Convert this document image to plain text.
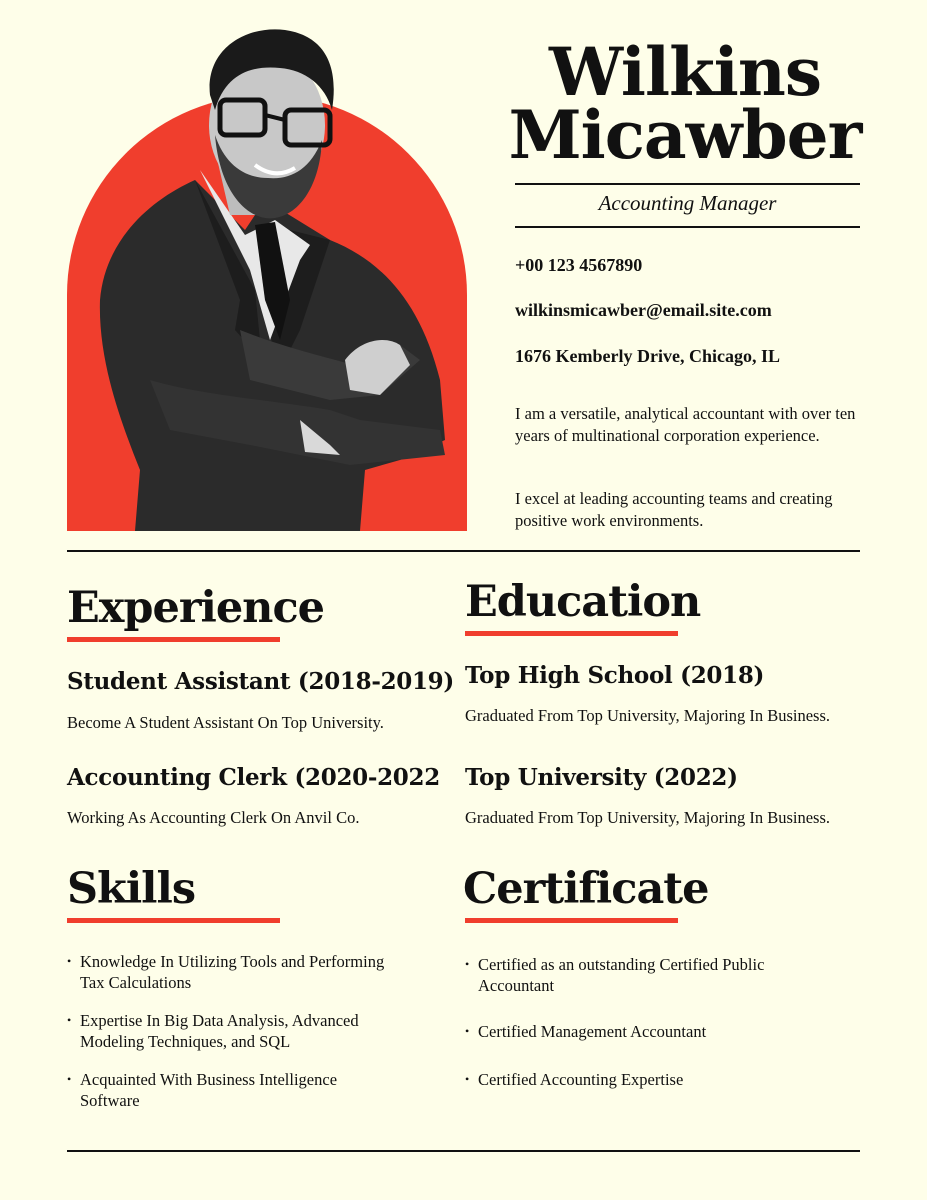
Wilkins
Micawber
Accounting Manager
+00 123 4567890
wilkinsmicawber@email.site.com
1676 Kemberly Drive, Chicago, IL
I am a versatile, analytical accountant with over ten years of multinational corporation experience.
I excel at leading accounting teams and creating positive work environments.
Experience
Student Assistant (2018-2019)
Become A Student Assistant On Top University.
Accounting Clerk (2020-2022
Working As Accounting Clerk On Anvil Co.
Education
Top High School (2018)
Graduated From Top University, Majoring In Business.
Top University (2022)
Graduated From Top University, Majoring In Business.
Skills
• Knowledge In Utilizing Tools and Performing Tax Calculations
• Expertise In Big Data Analysis, Advanced Modeling Techniques, and SQL
• Acquainted With Business Intelligence Software
Certificate
• Certified as an outstanding Certified Public Accountant
• Certified Management Accountant
• Certified Accounting Expertise
